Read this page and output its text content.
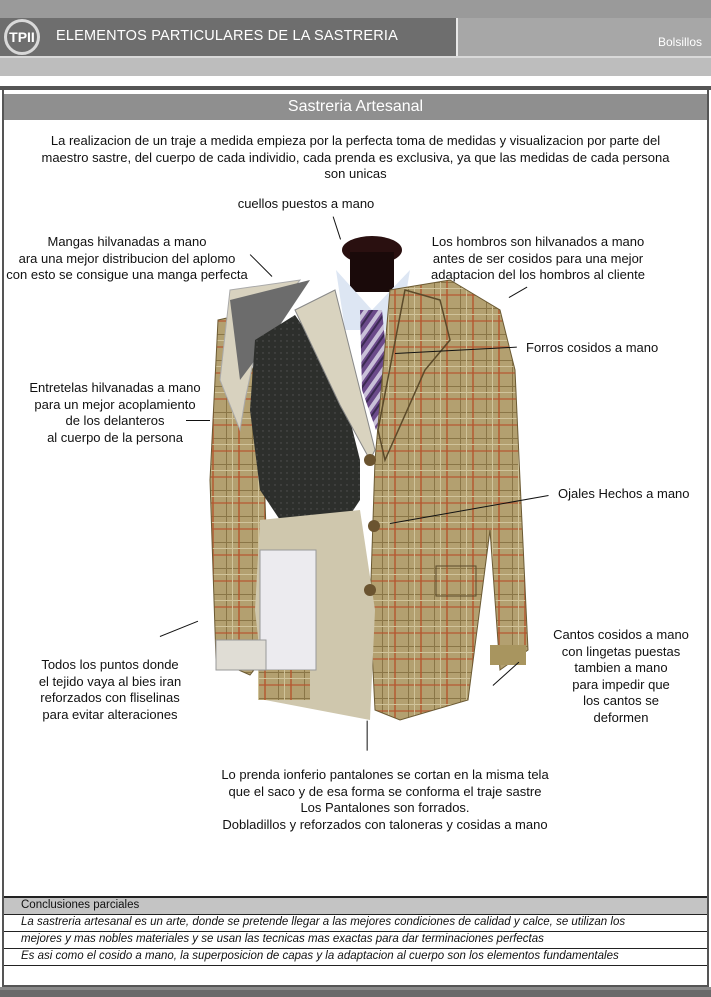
TPII	ELEMENTOS PARTICULARES DE LA SASTRERIA	Bolsillos
Sastreria Artesanal
La realizacion de un traje a medida empieza por la perfecta toma de medidas y visualizacion por parte del
maestro sastre, del cuerpo de cada individio, cada prenda es exclusiva, ya que las medidas de cada persona
son unicas
cuellos puestos a mano
Mangas hilvanadas a mano
ara una mejor distribucion del aplomo
con esto se consigue una manga perfecta
Los hombros son hilvanados a mano
antes de ser cosidos para una mejor
adaptacion del los hombros al cliente
Forros cosidos a mano
Entretelas hilvanadas a mano
para un mejor acoplamiento
de los delanteros
al cuerpo de la persona
Ojales Hechos a mano
Cantos cosidos a mano
con lingetas puestas
tambien a mano
para impedir que
los cantos se
deformen
Todos los puntos donde
el tejido vaya al bies iran
reforzados con fliselinas
para evitar alteraciones
Lo prenda ionferio pantalones se cortan en la misma tela
que el saco y de esa forma se conforma el traje sastre
Los Pantalones son forrados.
Dobladillos y reforzados con taloneras y cosidas a mano
Conclusiones parciales
La sastreria artesanal es un arte, donde se pretende llegar a las mejores condiciones de calidad y calce, se utilizan los
mejores y mas nobles materiales y se usan las tecnicas mas exactas para dar terminaciones perfectas
Es asi como el cosido a mano, la superposicion de capas y la adaptacion al cuerpo son los elementos fundamentales
